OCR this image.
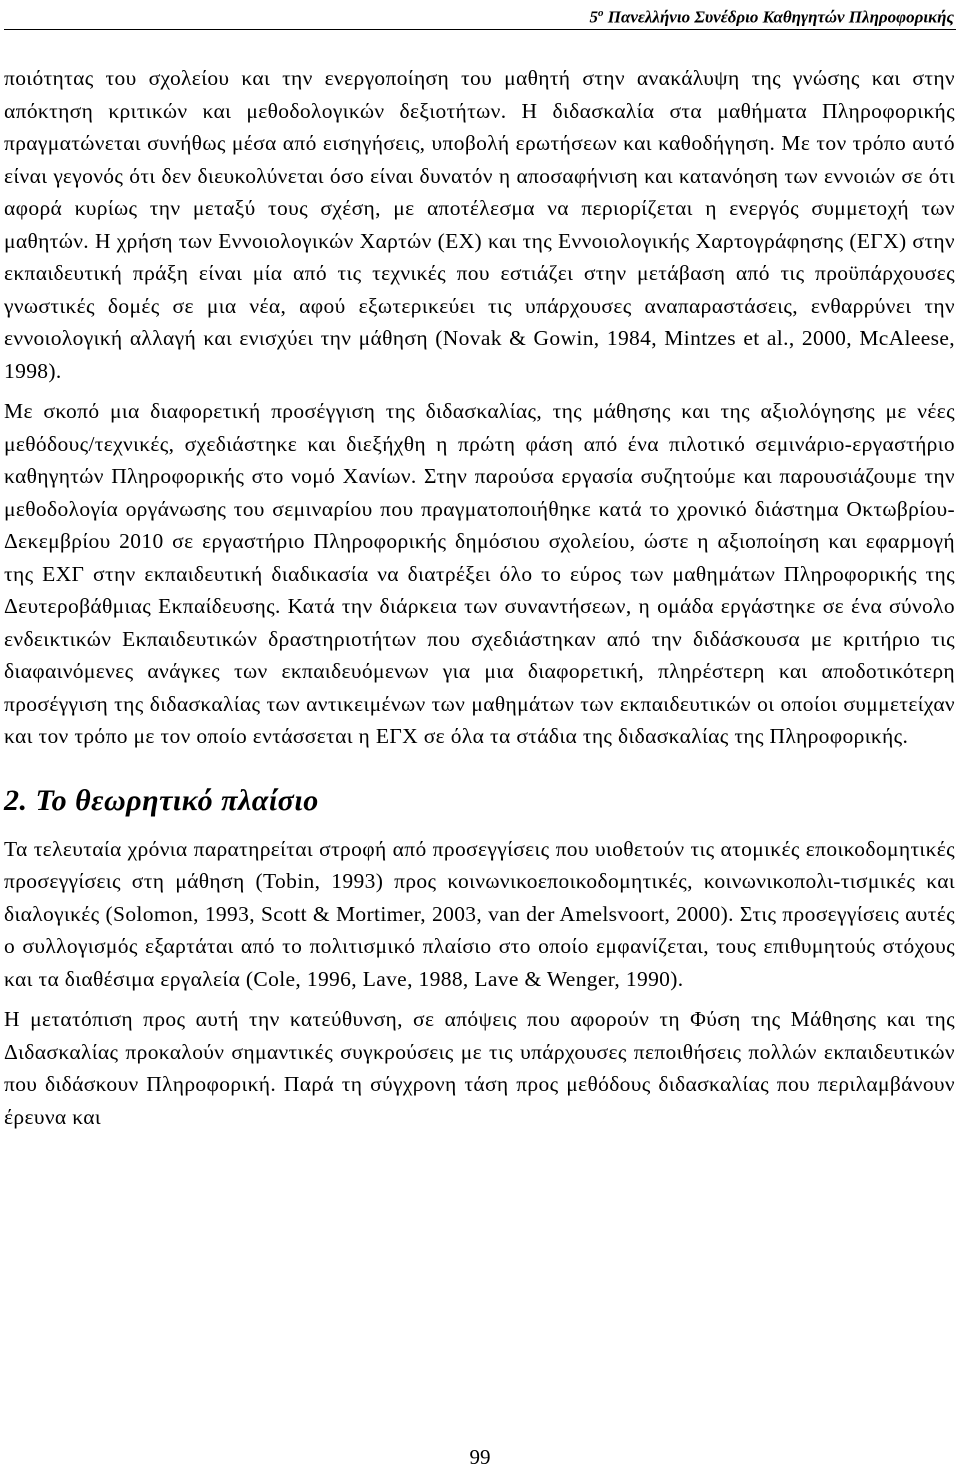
$5^o$ Πανελλήνιο Συνέδριο Καθηγητών Πληροφορικής

ποιότητας του σχολείου και την ενεργοποίηση του μαθητή στην ανακάλυψη της γνώσης και στην απόκτηση κριτικών και μεθοδολογικών δεξιοτήτων. Η διδασκαλία στα μαθήματα Πληροφορικής πραγματώνεται συνήθως μέσα από εισηγήσεις, υποβολή ερωτήσεων και καθοδήγηση. Με τον τρόπο αυτό είναι γεγονός ότι δεν διευκολύνεται όσο είναι δυνατόν η αποσαφήνιση και κατανόηση των εννοιών σε ότι αφορά κυρίως την μεταξύ τους σχέση, με αποτέλεσμα να περιορίζεται η ενεργός συμμετοχή των μαθητών. Η χρήση των Εννοιολογικών Χαρτών (ΕΧ) και της Εννοιολογικής Χαρτογράφησης (ΕΓΧ) στην εκπαιδευτική πράξη είναι μία από τις τεχνικές που εστιάζει στην μετάβαση από τις προϋπάρχουσες γνωστικές δομές σε μια νέα, αφού εξωτερικεύει τις υπάρχουσες αναπαραστάσεις, ενθαρρύνει την εννοιολογική αλλαγή και ενισχύει την μάθηση (Novak & Gowin, 1984, Mintzes et al., 2000, McAleese, 1998).

Με σκοπό μια διαφορετική προσέγγιση της διδασκαλίας, της μάθησης και της αξιολόγησης με νέες μεθόδους/τεχνικές, σχεδιάστηκε και διεξήχθη η πρώτη φάση από ένα πιλοτικό σεμινάριο-εργαστήριο καθηγητών Πληροφορικής στο νομό Χανίων. Στην παρούσα εργασία συζητούμε και παρουσιάζουμε την μεθοδολογία οργάνωσης του σεμιναρίου που πραγματοποιήθηκε κατά το χρονικό διάστημα Οκτωβρίου-Δεκεμβρίου 2010 σε εργαστήριο Πληροφορικής δημόσιου σχολείου, ώστε η αξιοποίηση και εφαρμογή της ΕΧΓ στην εκπαιδευτική διαδικασία να διατρέξει όλο το εύρος των μαθημάτων Πληροφορικής της Δευτεροβάθμιας Εκπαίδευσης. Κατά την διάρκεια των συναντήσεων, η ομάδα εργάστηκε σε ένα σύνολο ενδεικτικών Εκπαιδευτικών δραστηριοτήτων που σχεδιάστηκαν από την διδάσκουσα με κριτήριο τις διαφαινόμενες ανάγκες των εκπαιδευόμενων για μια διαφορετική, πληρέστερη και αποδοτικότερη προσέγγιση της διδασκαλίας των αντικειμένων των μαθημάτων των εκπαιδευτικών οι οποίοι συμμετείχαν και τον τρόπο με τον οποίο εντάσσεται η ΕΓΧ σε όλα τα στάδια της διδασκαλίας της Πληροφορικής.

2. Το θεωρητικό πλαίσιο

Τα τελευταία χρόνια παρατηρείται στροφή από προσεγγίσεις που υιοθετούν τις ατομικές εποικοδομητικές προσεγγίσεις στη μάθηση (Tobin, 1993) προς κοινωνικοεποικοδομητικές, κοινωνικοπολι-τισμικές και διαλογικές (Solomon, 1993, Scott & Mortimer, 2003, van der Amelsvoort, 2000). Στις προσεγγίσεις αυτές ο συλλογισμός εξαρτάται από το πολιτισμικό πλαίσιο στο οποίο εμφανίζεται, τους επιθυμητούς στόχους και τα διαθέσιμα εργαλεία (Cole, 1996, Lave, 1988, Lave & Wenger, 1990).

Η μετατόπιση προς αυτή την κατεύθυνση, σε απόψεις που αφορούν τη Φύση της Μάθησης και της Διδασκαλίας προκαλούν σημαντικές συγκρούσεις με τις υπάρχουσες πεποιθήσεις πολλών εκπαιδευτικών που διδάσκουν Πληροφορική. Παρά τη σύγχρονη τάση προς μεθόδους διδασκαλίας που περιλαμβάνουν έρευνα και

99
